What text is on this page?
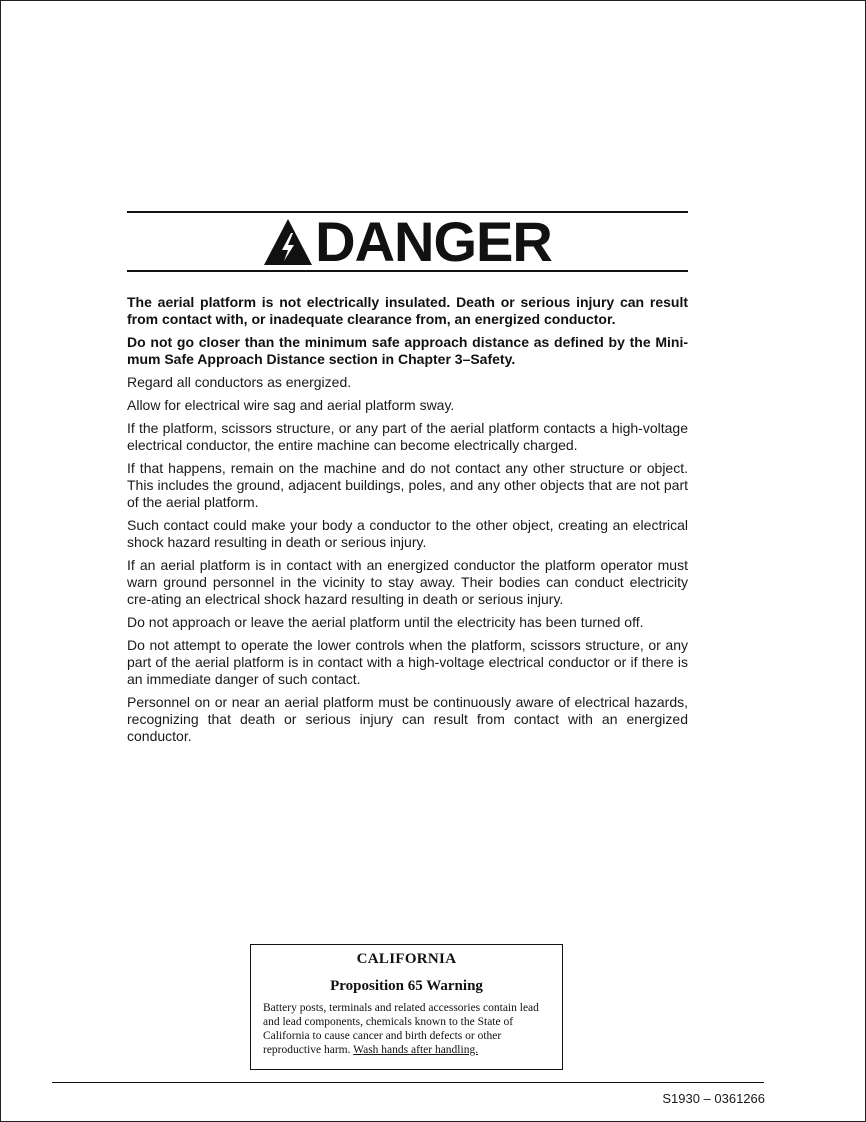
DANGER

The aerial platform is not electrically insulated. Death or serious injury can result from contact with, or inadequate clearance from, an energized conductor.

Do not go closer than the minimum safe approach distance as defined by the Mini-mum Safe Approach Distance section in Chapter 3–Safety.

Regard all conductors as energized.

Allow for electrical wire sag and aerial platform sway.

If the platform, scissors structure, or any part of the aerial platform contacts a high-voltage electrical conductor, the entire machine can become electrically charged.

If that happens, remain on the machine and do not contact any other structure or object. This includes the ground, adjacent buildings, poles, and any other objects that are not part of the aerial platform.

Such contact could make your body a conductor to the other object, creating an electrical shock hazard resulting in death or serious injury.

If an aerial platform is in contact with an energized conductor the platform operator must warn ground personnel in the vicinity to stay away. Their bodies can conduct electricity cre-ating an electrical shock hazard resulting in death or serious injury.

Do not approach or leave the aerial platform until the electricity has been turned off.

Do not attempt to operate the lower controls when the platform, scissors structure, or any part of the aerial platform is in contact with a high-voltage electrical conductor or if there is an immediate danger of such contact.

Personnel on or near an aerial platform must be continuously aware of electrical hazards, recognizing that death or serious injury can result from contact with an energized conductor.

CALIFORNIA
Proposition 65 Warning
Battery posts, terminals and related accessories contain lead and lead components, chemicals known to the State of California to cause cancer and birth defects or other reproductive harm. Wash hands after handling.
S1930 – 0361266
